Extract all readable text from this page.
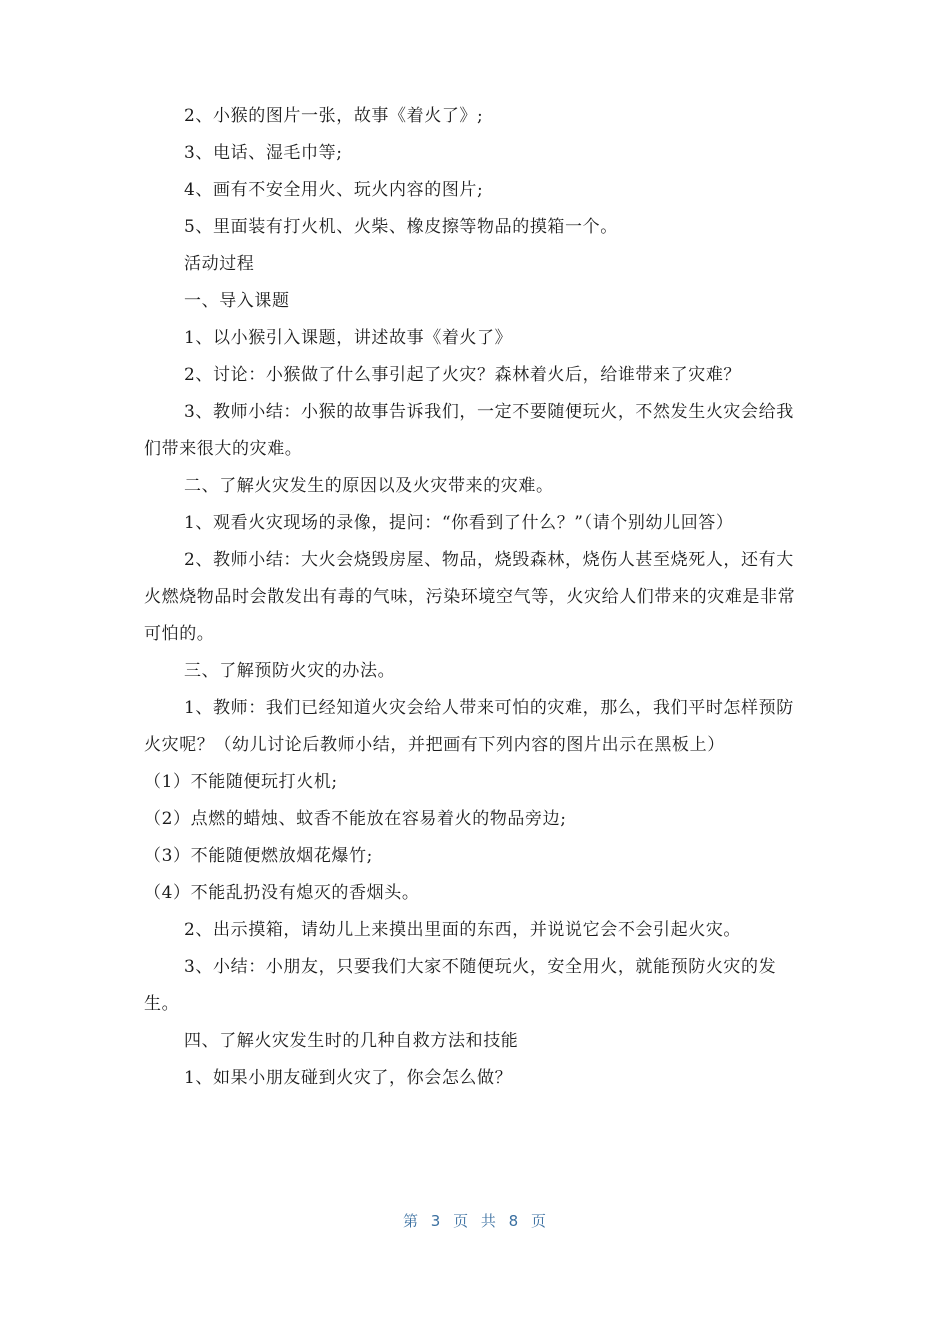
2、小猴的图片一张，故事《着火了》;

3、电话、湿毛巾等;

4、画有不安全用火、玩火内容的图片;

5、里面装有打火机、火柴、橡皮擦等物品的摸箱一个。

活动过程

一、导入课题

1、以小猴引入课题，讲述故事《着火了》

2、讨论：小猴做了什么事引起了火灾？森林着火后，给谁带来了灾难？

3、教师小结：小猴的故事告诉我们，一定不要随便玩火，不然发生火灾会给我们带来很大的灾难。

二、了解火灾发生的原因以及火灾带来的灾难。

1、观看火灾现场的录像，提问：“你看到了什么？”（请个别幼儿回答）

2、教师小结：大火会烧毁房屋、物品，烧毁森林，烧伤人甚至烧死人，还有大火燃烧物品时会散发出有毒的气味，污染环境空气等，火灾给人们带来的灾难是非常可怕的。

三、了解预防火灾的办法。

1、教师：我们已经知道火灾会给人带来可怕的灾难，那么，我们平时怎样预防火灾呢？（幼儿讨论后教师小结，并把画有下列内容的图片出示在黑板上）

（1）不能随便玩打火机;

（2）点燃的蜡烛、蚊香不能放在容易着火的物品旁边;

（3）不能随便燃放烟花爆竹;

（4）不能乱扔没有熄灭的香烟头。

2、出示摸箱，请幼儿上来摸出里面的东西，并说说它会不会引起火灾。

3、小结：小朋友，只要我们大家不随便玩火，安全用火，就能预防火灾的发生。

四、了解火灾发生时的几种自救方法和技能

1、如果小朋友碰到火灾了，你会怎么做？

第 3 页 共 8 页
